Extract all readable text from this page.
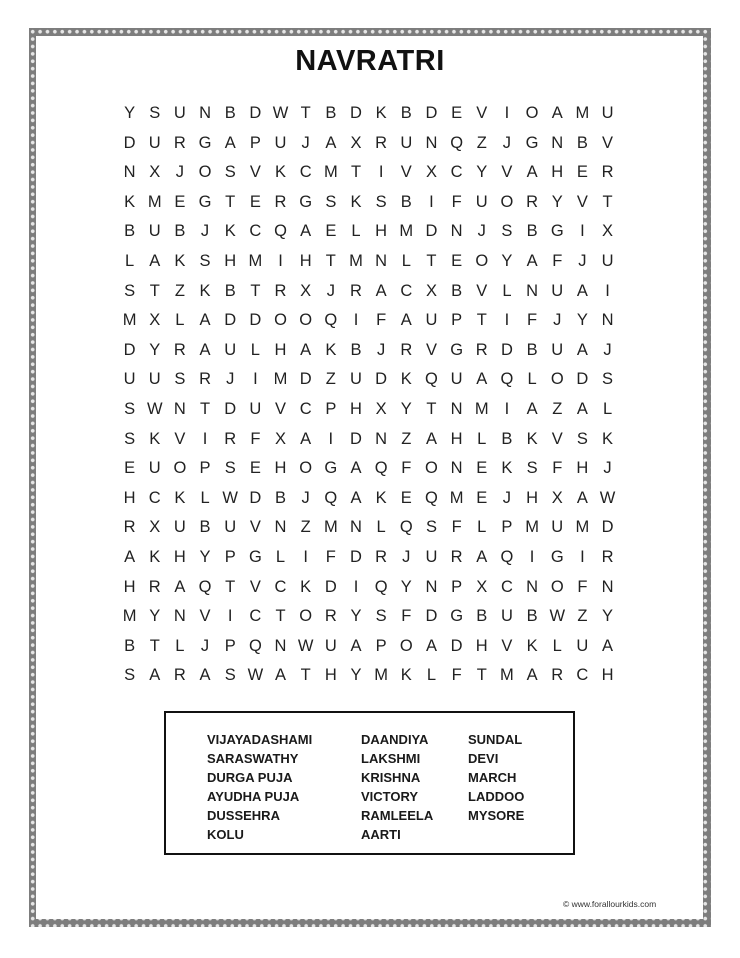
NAVRATRI
Y S U N B D W T B D K B D E V	I O A M U
D U R G A P U J A X R U N Q Z J G N B V
N X J O S V K C M T	I	V X C Y V A H E R
K M E G T E R G S K S B	I	F U O R Y V T
B U B J K C Q A E L H M D N J S B G I	X
L A K S H M I	H T M N L T E O Y A F J U
S T Z K B T R X J R A C X B V L N U A	I
M X L A D D O O Q I	F A U P T	I	F J Y N
D Y R A U L H A K B J R V G R D B U A J
U U S R J	I M D Z U D K Q U A Q L O D S
S W N T D U V C P H X Y T N M I	A Z A L
S K V	I	R F X A	I	D N Z A H L B K V S K
E U O P S E H O G A Q F O N E K S F H J
H C K L W D B J Q A K E Q M E J H X A W
R X U B U V N Z M N L Q S F L P M U M D
A K H Y P G L	I	F D R J U R A Q I G I	R
H R A Q T V C K D	I Q Y N P X C N O F N
M Y N V	I	C T O R Y S F D G B U B W Z Y
B T L J P Q N W U A P O A D H V K L U A
S A R A S W A T H Y M K L F T M A R C H
VIJAYADASHAMI
SARASWATHY
DURGA PUJA
AYUDHA PUJA
DUSSEHRA
KOLU
DAANDIYA
LAKSHMI
KRISHNA
VICTORY
RAMLEELA
AARTI
SUNDAL
DEVI
MARCH
LADDOO
MYSORE
© www.forallourkids.com
